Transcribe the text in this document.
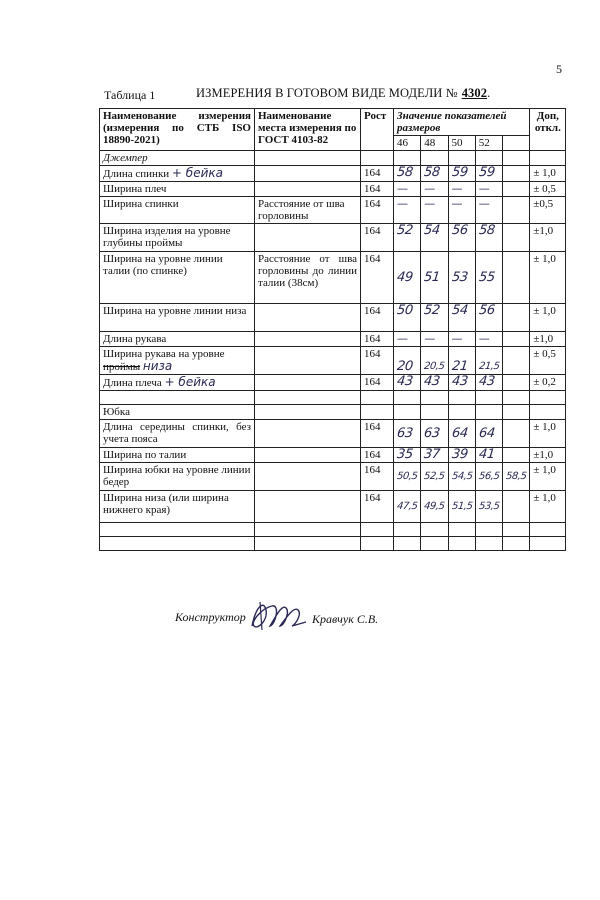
5
Таблица 1	ИЗМЕРЕНИЯ В ГОТОВОМ ВИДЕ МОДЕЛИ № 4302.
Наименование измерения (измерения по СТБ ISO 18890-2021)	Наименование места измерения по ГОСТ 4103-82	Рост	Значение показателей размеров					Доп, откл.
			46	48	50	52		
Джемпер								
Длина спинки + бейка		164	58	58	59	59		± 1,0
Ширина плеч		164	—	—	—	—		± 0,5
Ширина спинки	Расстояние от шва горловины	164	—	—	—	—		±0,5
Ширина изделия на уровне глубины проймы		164	52	54	56	58		±1,0
Ширина на уровне линии талии (по спинке)	Расстояние от шва горловины до линии талии (38см)	164	49	51	53	55		± 1,0
Ширина на уровне линии низа		164	50	52	54	56		± 1,0
Длина рукава		164	—	—	—	—		±1,0
Ширина рукава на уровне проймы низа		164	20	20,5	21	21,5		± 0,5
Длина плеча + бейка		164	43	43	43	43		± 0,2

Юбка								
Длина середины спинки, без учета пояса		164	63	63	64	64		± 1,0
Ширина по талии		164	35	37	39	41		±1,0
Ширина юбки на уровне линии бедер		164	50,5	52,5	54,5	56,5	58,5	± 1,0
Ширина низа (или ширина нижнего края)		164	47,5	49,5	51,5	53,5		± 1,0

Конструктор	Кравчук С.В.
